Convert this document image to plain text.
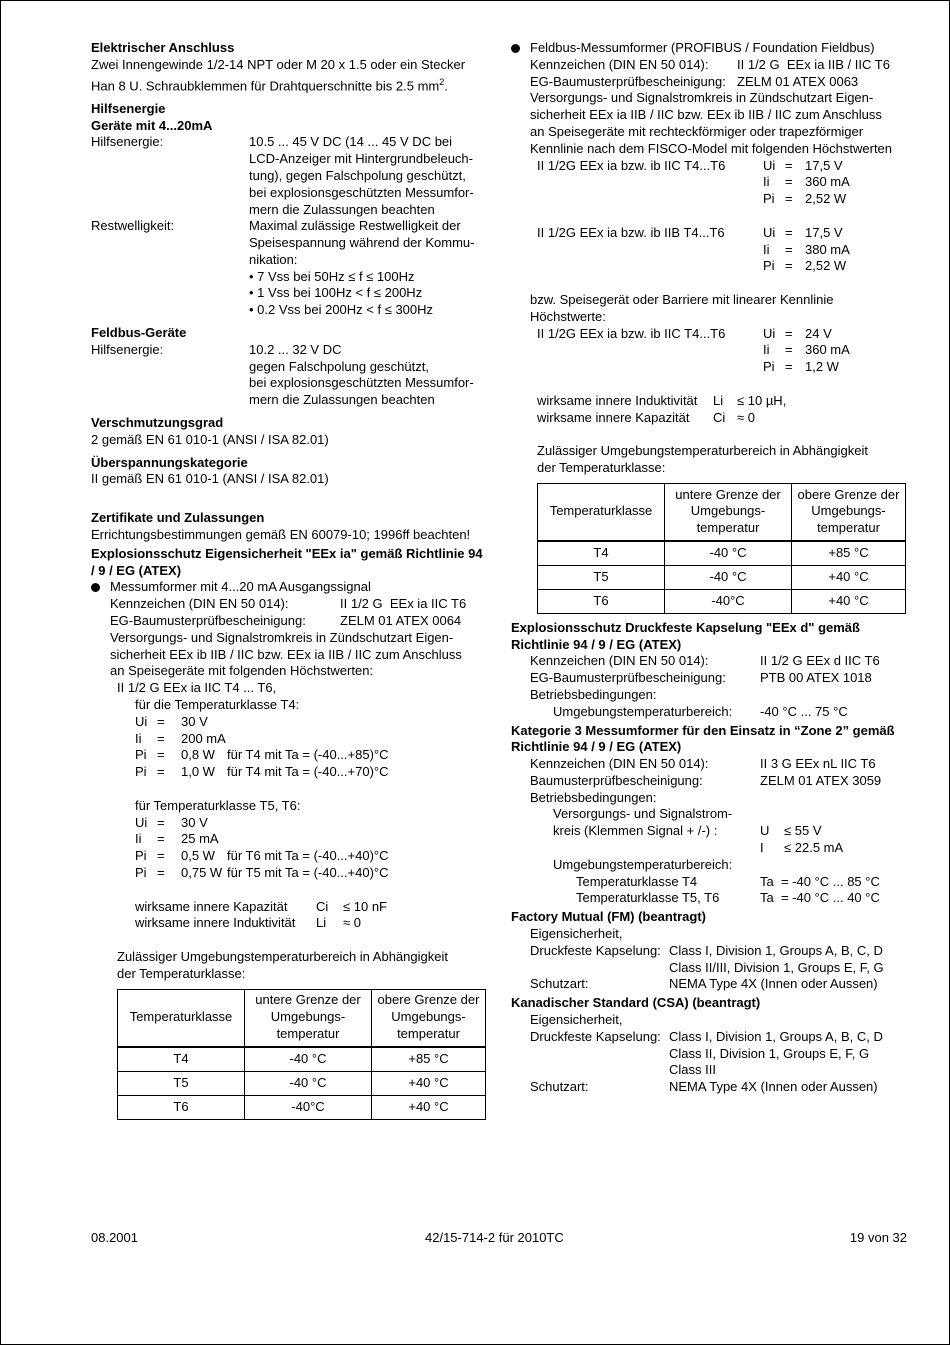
Elektrischer Anschluss

Zwei Innengewinde 1/2-14 NPT oder M 20 x 1.5 oder ein Stecker

Han 8 U. Schraubklemmen für Drahtquerschnitte bis 2.5 $mm^2$.

Hilfsenergie

Geräte mit 4...20mA

Hilfsenergie:	10.5 ... 45 V DC (14 ... 45 V DC bei
LCD-Anzeiger mit Hintergrundbeleuch-
tung), gegen Falschpolung geschützt,
bei explosionsgeschützten Messumfor-
mern die Zulassungen beachten
Restwelligkeit:	Maximal zulässige Restwelligkeit der
Speisespannung während der Kommu-
nikation:
• 7 Vss bei 50Hz ≤ f ≤ 100Hz
• 1 Vss bei 100Hz < f ≤ 200Hz
• 0.2 Vss bei 200Hz < f ≤ 300Hz

Feldbus-Geräte

Hilfsenergie:	10.2 ... 32 V DC
gegen Falschpolung geschützt,
bei explosionsgeschützten Messumfor-
mern die Zulassungen beachten

Verschmutzungsgrad

2 gemäß EN 61 010-1 (ANSI / ISA 82.01)

Überspannungskategorie

II gemäß EN 61 010-1 (ANSI / ISA 82.01)

Zertifikate und Zulassungen

Errichtungsbestimmungen gemäß EN 60079-10; 1996ff beachten!

Explosionsschutz Eigensicherheit "EEx ia" gemäß Richtlinie 94 / 9 / EG (ATEX)

Messumformer mit 4...20 mA Ausgangssignal
Kennzeichen (DIN EN 50 014):	II 1/2 G  EEx ia IIC T6
EG-Baumusterprüfbescheinigung:	ZELM 01 ATEX 0064
Versorgungs- und Signalstromkreis in Zündschutzart Eigen-
sicherheit EEx ib IIB / IIC bzw. EEx ia IIB / IIC zum Anschluss
an Speisegeräte mit folgenden Höchstwerten:
II 1/2 G EEx ia IIC T4 ... T6,
für die Temperaturklasse T4:
Ui =	30 V
Ii	=	200 mA
Pi =	0,8 W für T4 mit Ta = (-40...+85)°C
Pi =	1,0 W für T4 mit Ta = (-40...+70)°C
für Temperaturklasse T5, T6:
Ui =	30 V
Ii	=	25 mA
Pi =	0,5 W für T6 mit Ta = (-40...+40)°C
Pi =	0,75 W für T5 mit Ta = (-40...+40)°C
wirksame innere Kapazität	Ci	≤ 10 nF
wirksame innere Induktivität	Li	≈ 0
Zulässiger Umgebungstemperaturbereich in Abhängigkeit
der Temperaturklasse:
Temperaturklasse	untere Grenze der Umgebungs-temperatur	obere Grenze der Umgebungs-temperatur
T4	-40 °C	+85 °C
T5	-40 °C	+40 °C
T6	-40°C	+40 °C
Feldbus-Messumformer (PROFIBUS / Foundation Fieldbus)
Kennzeichen (DIN EN 50 014):	II 1/2 G  EEx ia IIB / IIC T6
EG-Baumusterprüfbescheinigung: ZELM 01 ATEX 0063
Versorgungs- und Signalstromkreis in Zündschutzart Eigen-
sicherheit EEx ia IIB / IIC bzw. EEx ib IIB / IIC zum Anschluss
an Speisegeräte mit rechteckförmiger oder trapezförmiger
Kennlinie nach dem FISCO-Model mit folgenden Höchstwerten
II 1/2G EEx ia bzw. ib IIC T4...T6	Ui = 17,5 V
Ii	= 360 mA
Pi = 2,52 W
II 1/2G EEx ia bzw. ib IIB T4...T6	Ui = 17,5 V
Ii	= 380 mA
Pi = 2,52 W
bzw. Speisegerät oder Barriere mit linearer Kennlinie
Höchstwerte:
II 1/2G EEx ia bzw. ib IIC T4...T6	Ui = 24 V
Ii	= 360 mA
Pi = 1,2 W
wirksame innere Induktivität	Li	≤ 10 µH,
wirksame innere Kapazität	Ci ≈ 0
Zulässiger Umgebungstemperaturbereich in Abhängigkeit
der Temperaturklasse:
Temperaturklasse	untere Grenze der Umgebungs-temperatur	obere Grenze der Umgebungs-temperatur
T4	-40 °C	+85 °C
T5	-40 °C	+40 °C
T6	-40°C	+40 °C

Explosionsschutz Druckfeste Kapselung "EEx d" gemäß Richtlinie 94 / 9 / EG (ATEX)

Kennzeichen (DIN EN 50 014):	II 1/2 G EEx d IIC T6
EG-Baumusterprüfbescheinigung:	PTB 00 ATEX 1018
Betriebsbedingungen:
Umgebungstemperaturbereich:	-40 °C ... 75 °C

Kategorie 3 Messumformer für den Einsatz in “Zone 2” gemäß Richtlinie 94 / 9 / EG (ATEX)

Kennzeichen (DIN EN 50 014):	II 3 G EEx nL IIC T6
Baumusterprüfbescheinigung:	ZELM 01 ATEX 3059
Betriebsbedingungen:
Versorgungs- und Signalstrom-
kreis (Klemmen Signal + /-) :	U	≤ 55 V
I	≤ 22.5 mA
Umgebungstemperaturbereich:
Temperaturklasse T4	Ta  = -40 °C ... 85 °C
Temperaturklasse T5, T6	Ta  = -40 °C ... 40 °C

Factory Mutual (FM) (beantragt)

Eigensicherheit,
Druckfeste Kapselung: Class I, Division 1, Groups A, B, C, D
Class II/III, Division 1, Groups E, F, G
Schutzart:	NEMA Type 4X (Innen oder Aussen)

Kanadischer Standard (CSA) (beantragt)

Eigensicherheit,
Druckfeste Kapselung: Class I, Division 1, Groups A, B, C, D
Class II, Division 1, Groups E, F, G
Class III
Schutzart:	NEMA Type 4X (Innen oder Aussen)
08.2001	42/15-714-2 für 2010TC	19 von 32
